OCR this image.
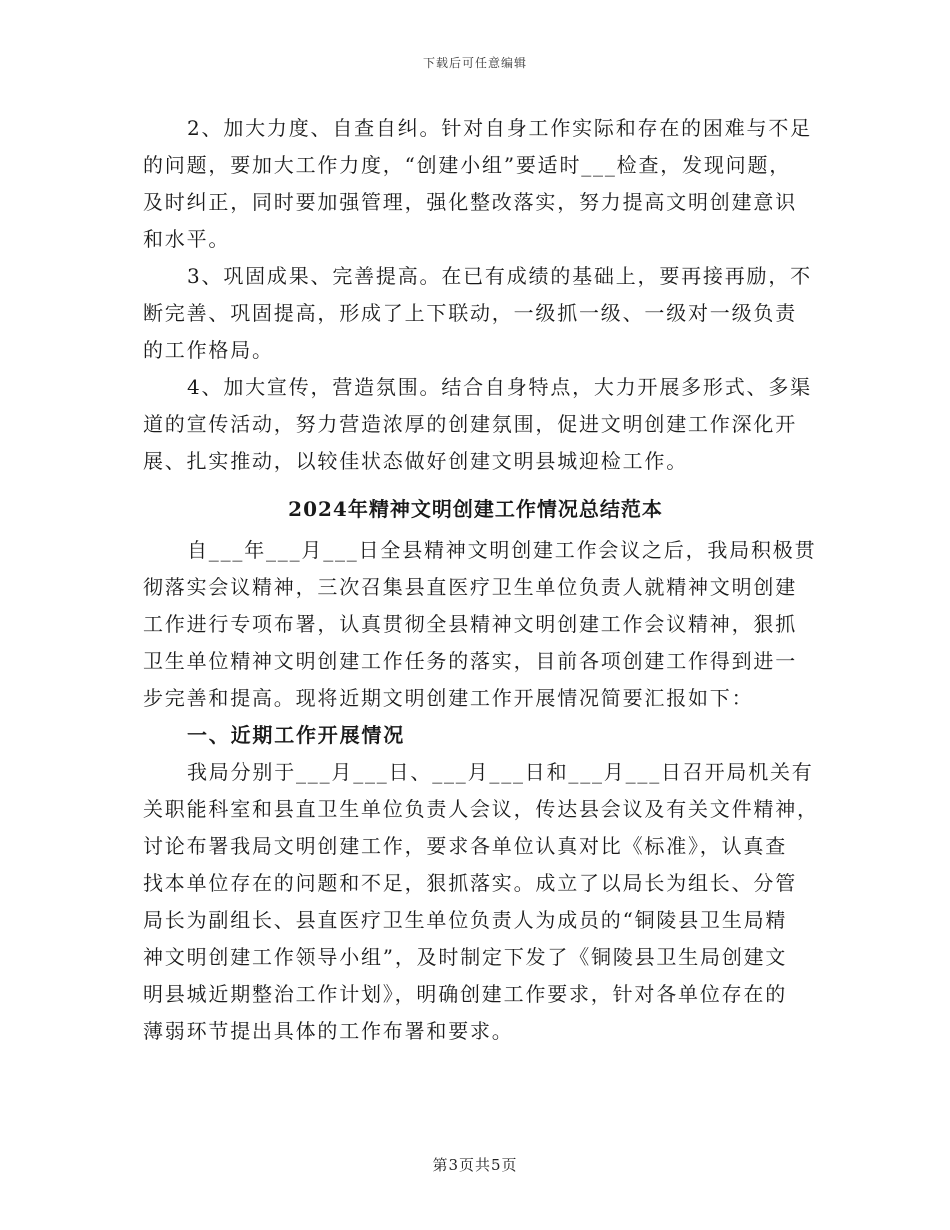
下载后可任意编辑
2、加大力度、自查自纠。针对自身工作实际和存在的困难与不足
的问题，要加大工作力度，“创建小组”要适时___检查，发现问题，
及时纠正，同时要加强管理，强化整改落实，努力提高文明创建意识
和水平。
3、巩固成果、完善提高。在已有成绩的基础上，要再接再励，不
断完善、巩固提高，形成了上下联动，一级抓一级、一级对一级负责
的工作格局。
4、加大宣传，营造氛围。结合自身特点，大力开展多形式、多渠
道的宣传活动，努力营造浓厚的创建氛围，促进文明创建工作深化开
展、扎实推动，以较佳状态做好创建文明县城迎检工作。
2024年精神文明创建工作情况总结范本
自___年___月___日全县精神文明创建工作会议之后，我局积极贯
彻落实会议精神，三次召集县直医疗卫生单位负责人就精神文明创建
工作进行专项布署，认真贯彻全县精神文明创建工作会议精神，狠抓
卫生单位精神文明创建工作任务的落实，目前各项创建工作得到进一
步完善和提高。现将近期文明创建工作开展情况简要汇报如下：
一、近期工作开展情况
我局分别于___月___日、___月___日和___月___日召开局机关有
关职能科室和县直卫生单位负责人会议，传达县会议及有关文件精神，
讨论布署我局文明创建工作，要求各单位认真对比《标准》，认真查
找本单位存在的问题和不足，狠抓落实。成立了以局长为组长、分管
局长为副组长、县直医疗卫生单位负责人为成员的“铜陵县卫生局精
神文明创建工作领导小组”，及时制定下发了《铜陵县卫生局创建文
明县城近期整治工作计划》，明确创建工作要求，针对各单位存在的
薄弱环节提出具体的工作布署和要求。
第3页共5页
